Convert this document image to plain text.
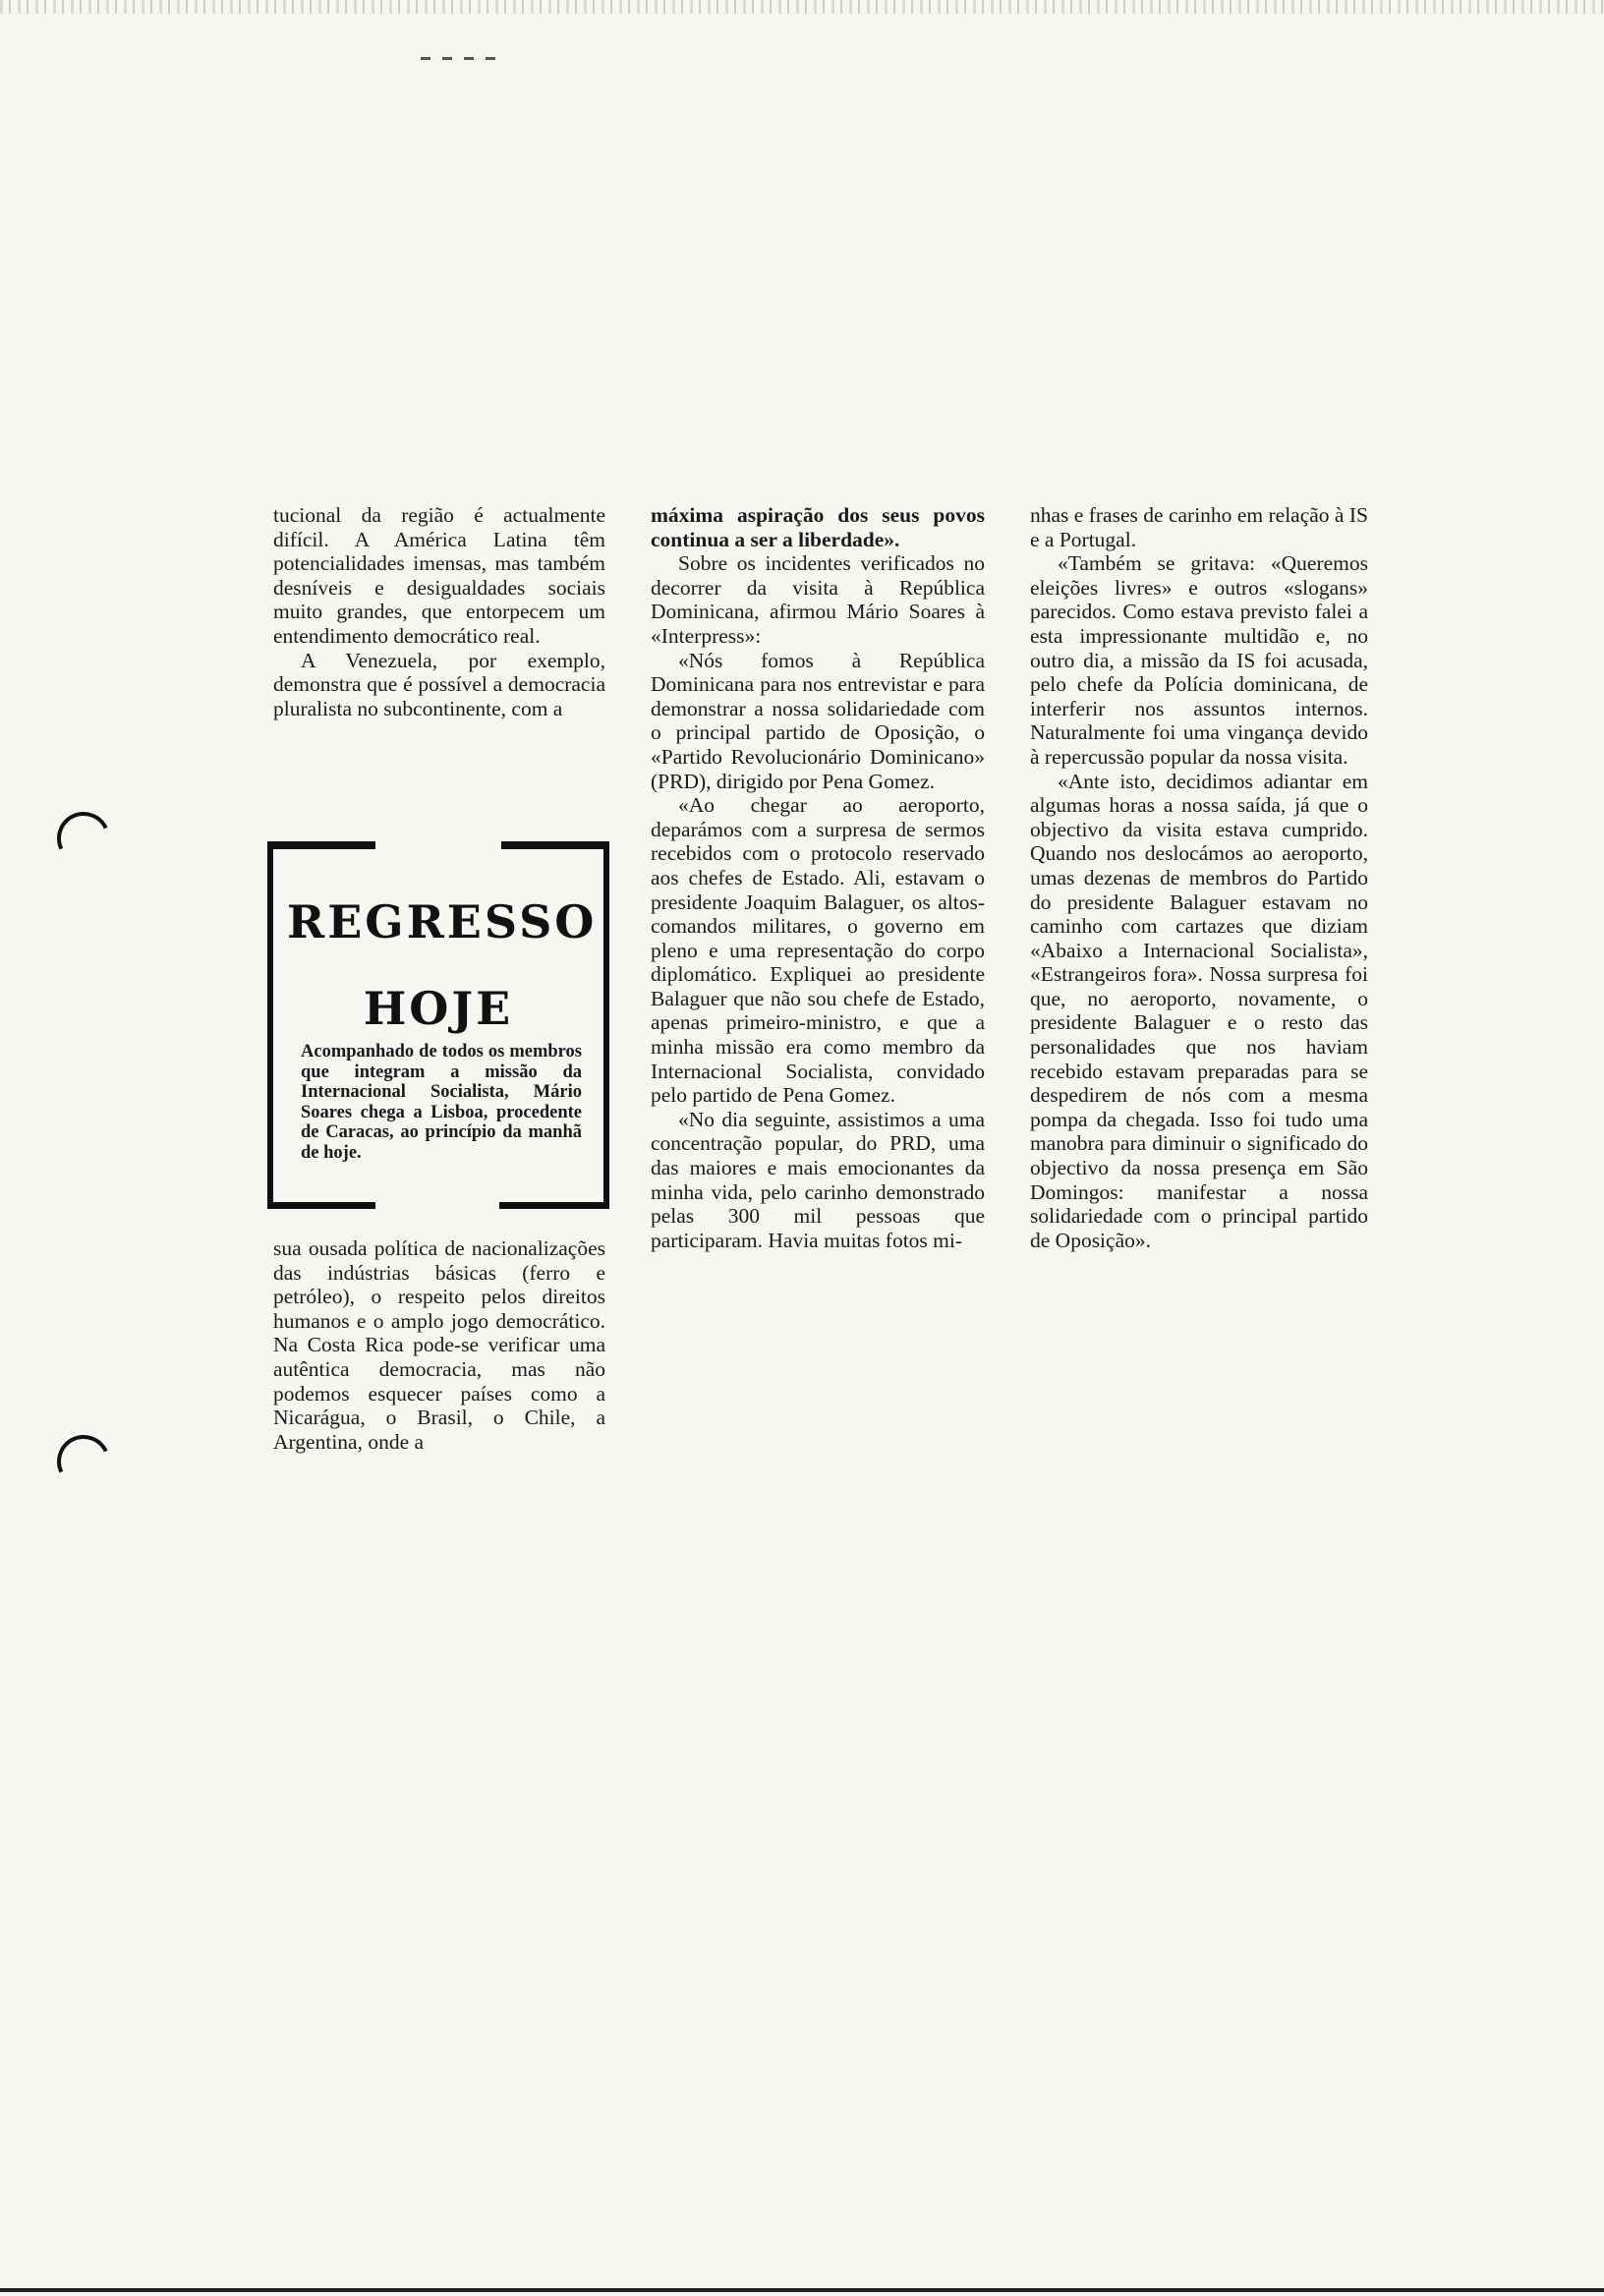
tucional da região é actualmente difícil. A América Latina têm potencialidades imensas, mas também desníveis e desigualdades sociais muito grandes, que entorpecem um entendimento democrático real.

A Venezuela, por exemplo, demonstra que é possível a democracia pluralista no subcontinente, com a

REGRESSO
HOJE
Acompanhado de todos os membros que integram a missão da Internacional Socialista, Mário Soares chega a Lisboa, procedente de Caracas, ao princípio da manhã de hoje.

sua ousada política de nacionalizações das indústrias básicas (ferro e petróleo), o respeito pelos direitos humanos e o amplo jogo democrático. Na Costa Rica pode-se verificar uma autêntica democracia, mas não podemos esquecer países como a Nicarágua, o Brasil, o Chile, a Argentina, onde a

máxima aspiração dos seus povos continua a ser a liberdade».

Sobre os incidentes verificados no decorrer da visita à República Dominicana, afirmou Mário Soares à «Interpress»:

«Nós fomos à República Dominicana para nos entrevistar e para demonstrar a nossa solidariedade com o principal partido de Oposição, o «Partido Revolucionário Dominicano» (PRD), dirigido por Pena Gomez.

«Ao chegar ao aeroporto, deparámos com a surpresa de sermos recebidos com o protocolo reservado aos chefes de Estado. Ali, estavam o presidente Joaquim Balaguer, os altos-comandos militares, o governo em pleno e uma representação do corpo diplomático. Expliquei ao presidente Balaguer que não sou chefe de Estado, apenas primeiro-ministro, e que a minha missão era como membro da Internacional Socialista, convidado pelo partido de Pena Gomez.

«No dia seguinte, assistimos a uma concentração popular, do PRD, uma das maiores e mais emocionantes da minha vida, pelo carinho demonstrado pelas 300 mil pessoas que participaram. Havia muitas fotos mi-

nhas e frases de carinho em relação à IS e a Portugal.

«Também se gritava: «Queremos eleições livres» e outros «slogans» parecidos. Como estava previsto falei a esta impressionante multidão e, no outro dia, a missão da IS foi acusada, pelo chefe da Polícia dominicana, de interferir nos assuntos internos. Naturalmente foi uma vingança devido à repercussão popular da nossa visita.

«Ante isto, decidimos adiantar em algumas horas a nossa saída, já que o objectivo da visita estava cumprido. Quando nos deslocámos ao aeroporto, umas dezenas de membros do Partido do presidente Balaguer estavam no caminho com cartazes que diziam «Abaixo a Internacional Socialista», «Estrangeiros fora». Nossa surpresa foi que, no aeroporto, novamente, o presidente Balaguer e o resto das personalidades que nos haviam recebido estavam preparadas para se despedirem de nós com a mesma pompa da chegada. Isso foi tudo uma manobra para diminuir o significado do objectivo da nossa presença em São Domingos: manifestar a nossa solidariedade com o principal partido de Oposição».
